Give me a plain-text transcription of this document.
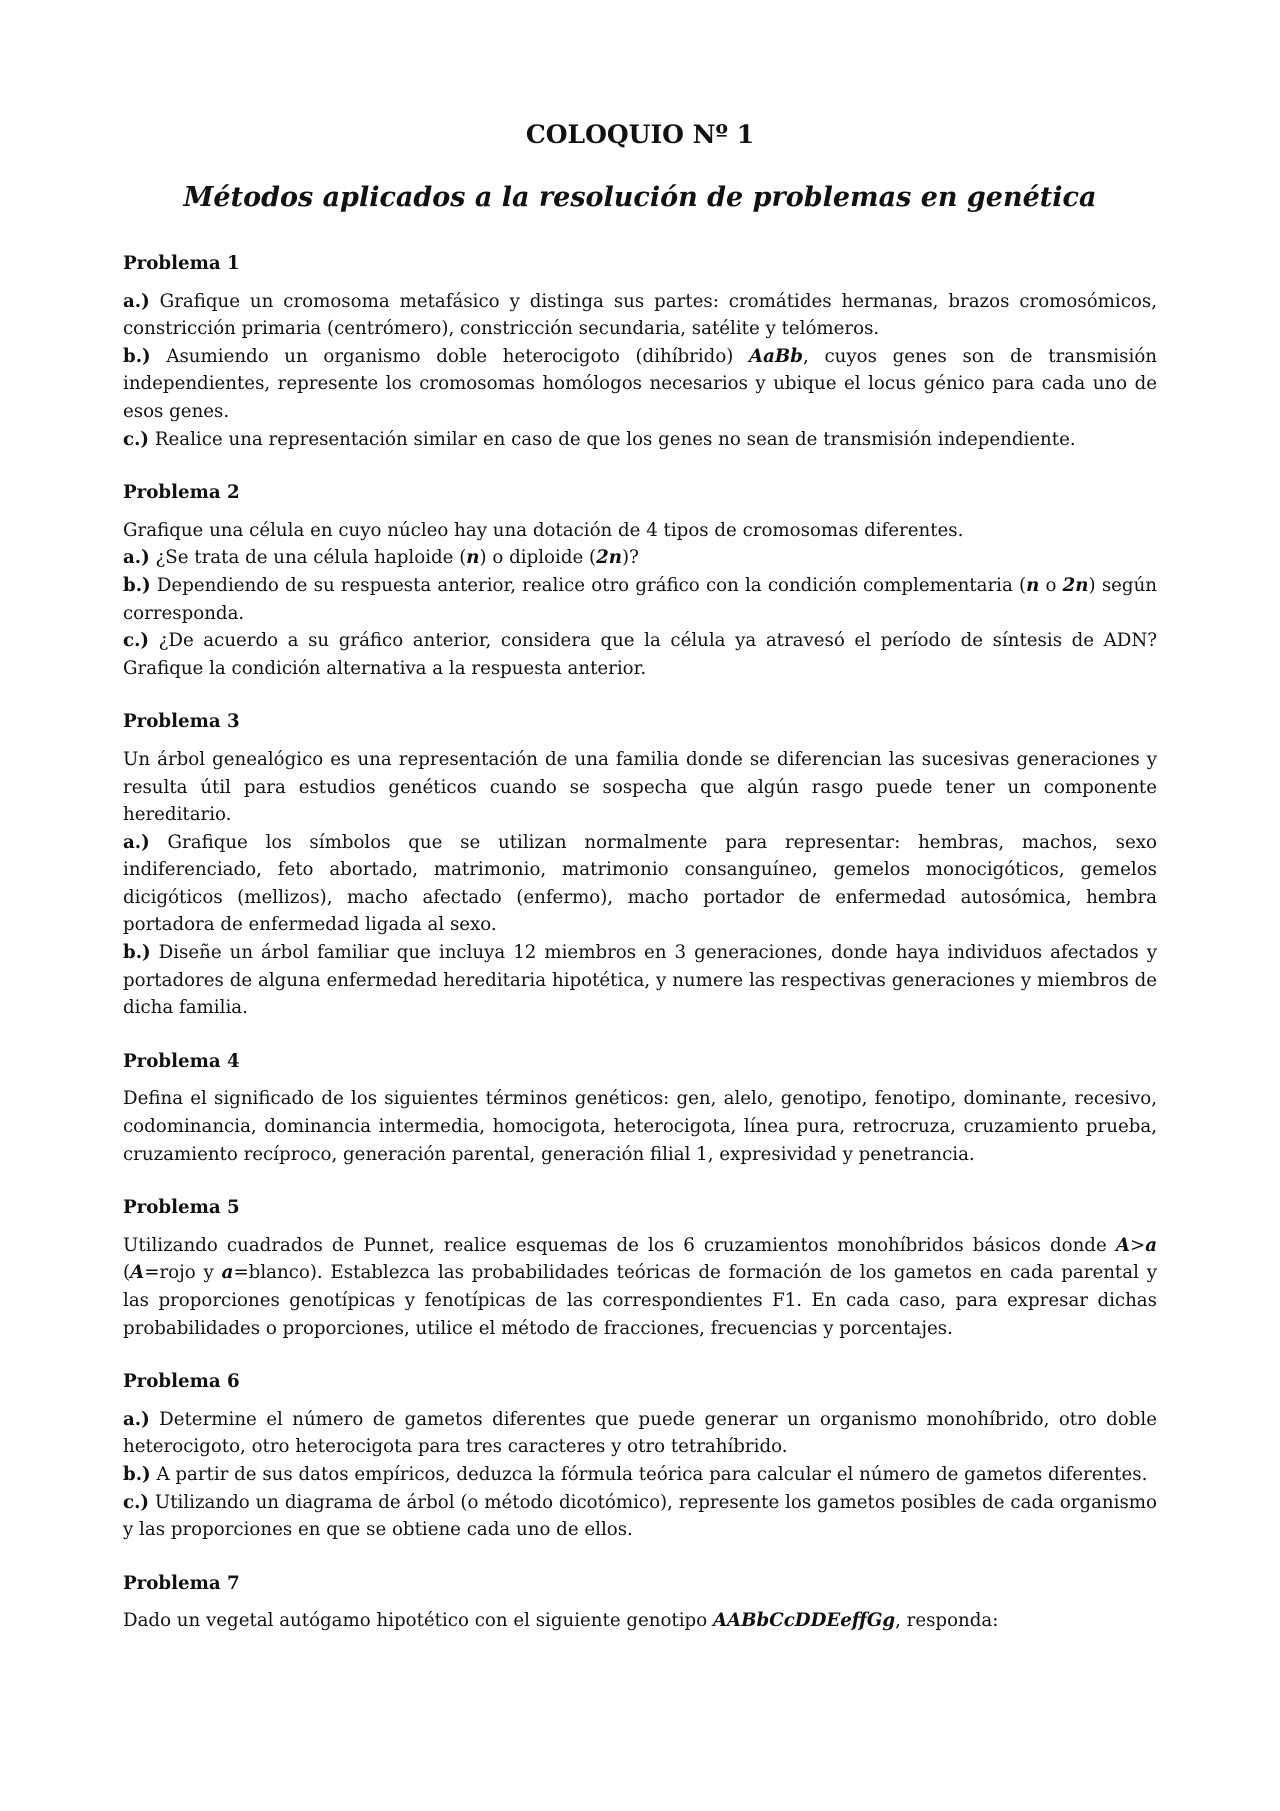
COLOQUIO Nº 1
Métodos aplicados a la resolución de problemas en genética
Problema 1

a.) Grafique un cromosoma metafásico y distinga sus partes: cromátides hermanas, brazos cromosómicos, constricción primaria (centrómero), constricción secundaria, satélite y telómeros.

b.) Asumiendo un organismo doble heterocigoto (dihíbrido) AaBb, cuyos genes son de transmisión independientes, represente los cromosomas homólogos necesarios y ubique el locus génico para cada uno de esos genes.

c.) Realice una representación similar en caso de que los genes no sean de transmisión independiente.

Problema 2

Grafique una célula en cuyo núcleo hay una dotación de 4 tipos de cromosomas diferentes.

a.) ¿Se trata de una célula haploide (n) o diploide (2n)?

b.) Dependiendo de su respuesta anterior, realice otro gráfico con la condición complementaria (n o 2n) según corresponda.

c.) ¿De acuerdo a su gráfico anterior, considera que la célula ya atravesó el período de síntesis de ADN? Grafique la condición alternativa a la respuesta anterior.

Problema 3

Un árbol genealógico es una representación de una familia donde se diferencian las sucesivas generaciones y resulta útil para estudios genéticos cuando se sospecha que algún rasgo puede tener un componente hereditario.

a.) Grafique los símbolos que se utilizan normalmente para representar: hembras, machos, sexo indiferenciado, feto abortado, matrimonio, matrimonio consanguíneo, gemelos monocigóticos, gemelos dicigóticos (mellizos), macho afectado (enfermo), macho portador de enfermedad autosómica, hembra portadora de enfermedad ligada al sexo.

b.) Diseñe un árbol familiar que incluya 12 miembros en 3 generaciones, donde haya individuos afectados y portadores de alguna enfermedad hereditaria hipotética, y numere las respectivas generaciones y miembros de dicha familia.

Problema 4

Defina el significado de los siguientes términos genéticos: gen, alelo, genotipo, fenotipo, dominante, recesivo, codominancia, dominancia intermedia, homocigota, heterocigota, línea pura, retrocruza, cruzamiento prueba, cruzamiento recíproco, generación parental, generación filial 1, expresividad y penetrancia.

Problema 5

Utilizando cuadrados de Punnet, realice esquemas de los 6 cruzamientos monohíbridos básicos donde A>a (A=rojo y a=blanco). Establezca las probabilidades teóricas de formación de los gametos en cada parental y las proporciones genotípicas y fenotípicas de las correspondientes F1. En cada caso, para expresar dichas probabilidades o proporciones, utilice el método de fracciones, frecuencias y porcentajes.

Problema 6

a.) Determine el número de gametos diferentes que puede generar un organismo monohíbrido, otro doble heterocigoto, otro heterocigota para tres caracteres y otro tetrahíbrido.

b.) A partir de sus datos empíricos, deduzca la fórmula teórica para calcular el número de gametos diferentes.

c.) Utilizando un diagrama de árbol (o método dicotómico), represente los gametos posibles de cada organismo y las proporciones en que se obtiene cada uno de ellos.

Problema 7

Dado un vegetal autógamo hipotético con el siguiente genotipo AABbCcDDEeffGg, responda:
